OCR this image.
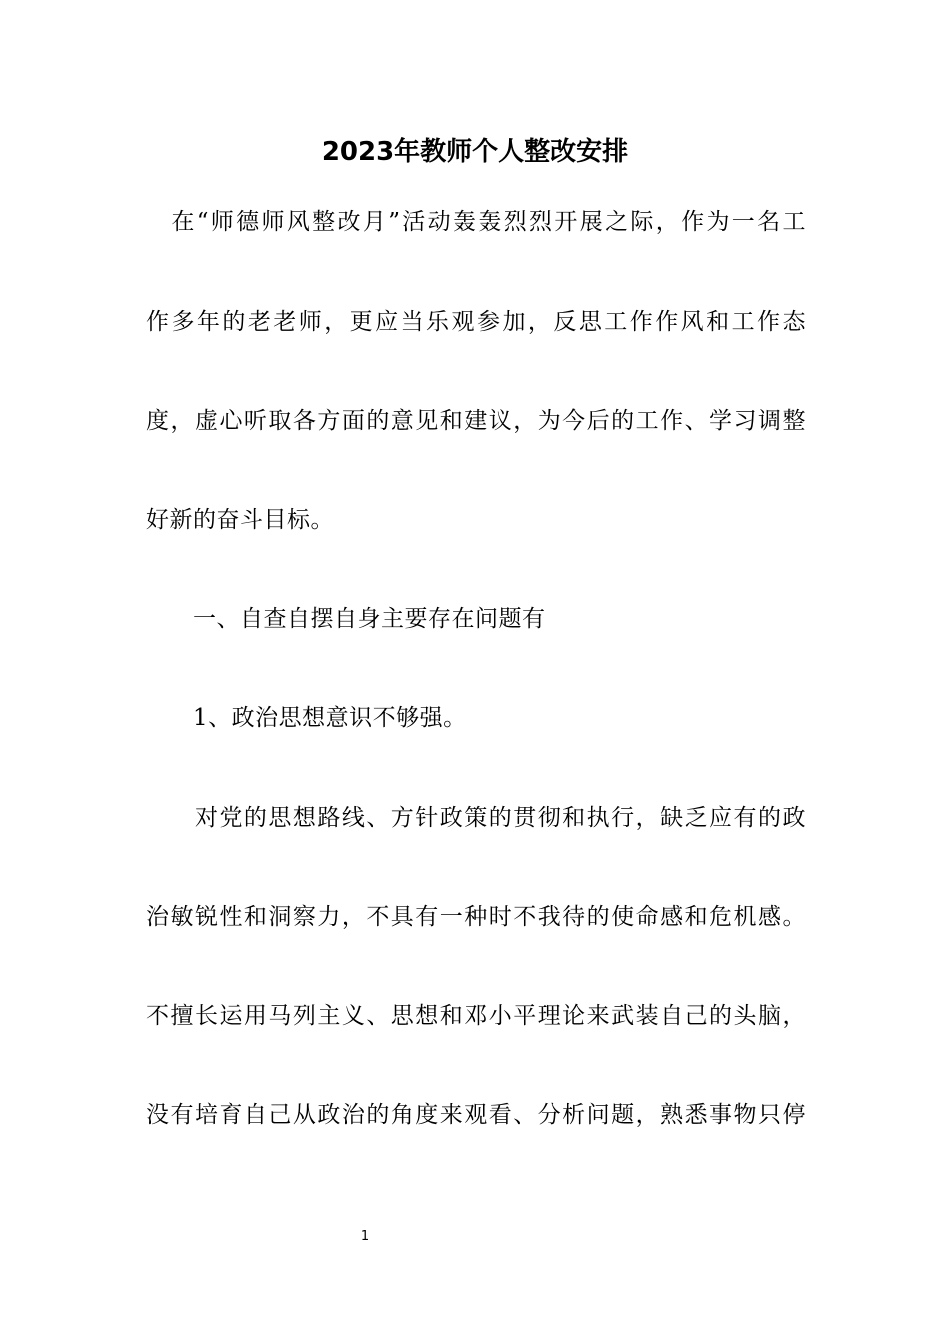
2023年教师个人整改安排
　在“师德师风整改月”活动轰轰烈烈开展之际，作为一名工
作多年的老老师，更应当乐观参加，反思工作作风和工作态
度，虚心听取各方面的意见和建议，为今后的工作、学习调整
好新的奋斗目标。
　　一、自查自摆自身主要存在问题有
　　1、政治思想意识不够强。
　　对党的思想路线、方针政策的贯彻和执行，缺乏应有的政
治敏锐性和洞察力，不具有一种时不我待的使命感和危机感。
不擅长运用马列主义、思想和邓小平理论来武装自己的头脑，
没有培育自己从政治的角度来观看、分析问题，熟悉事物只停
1
